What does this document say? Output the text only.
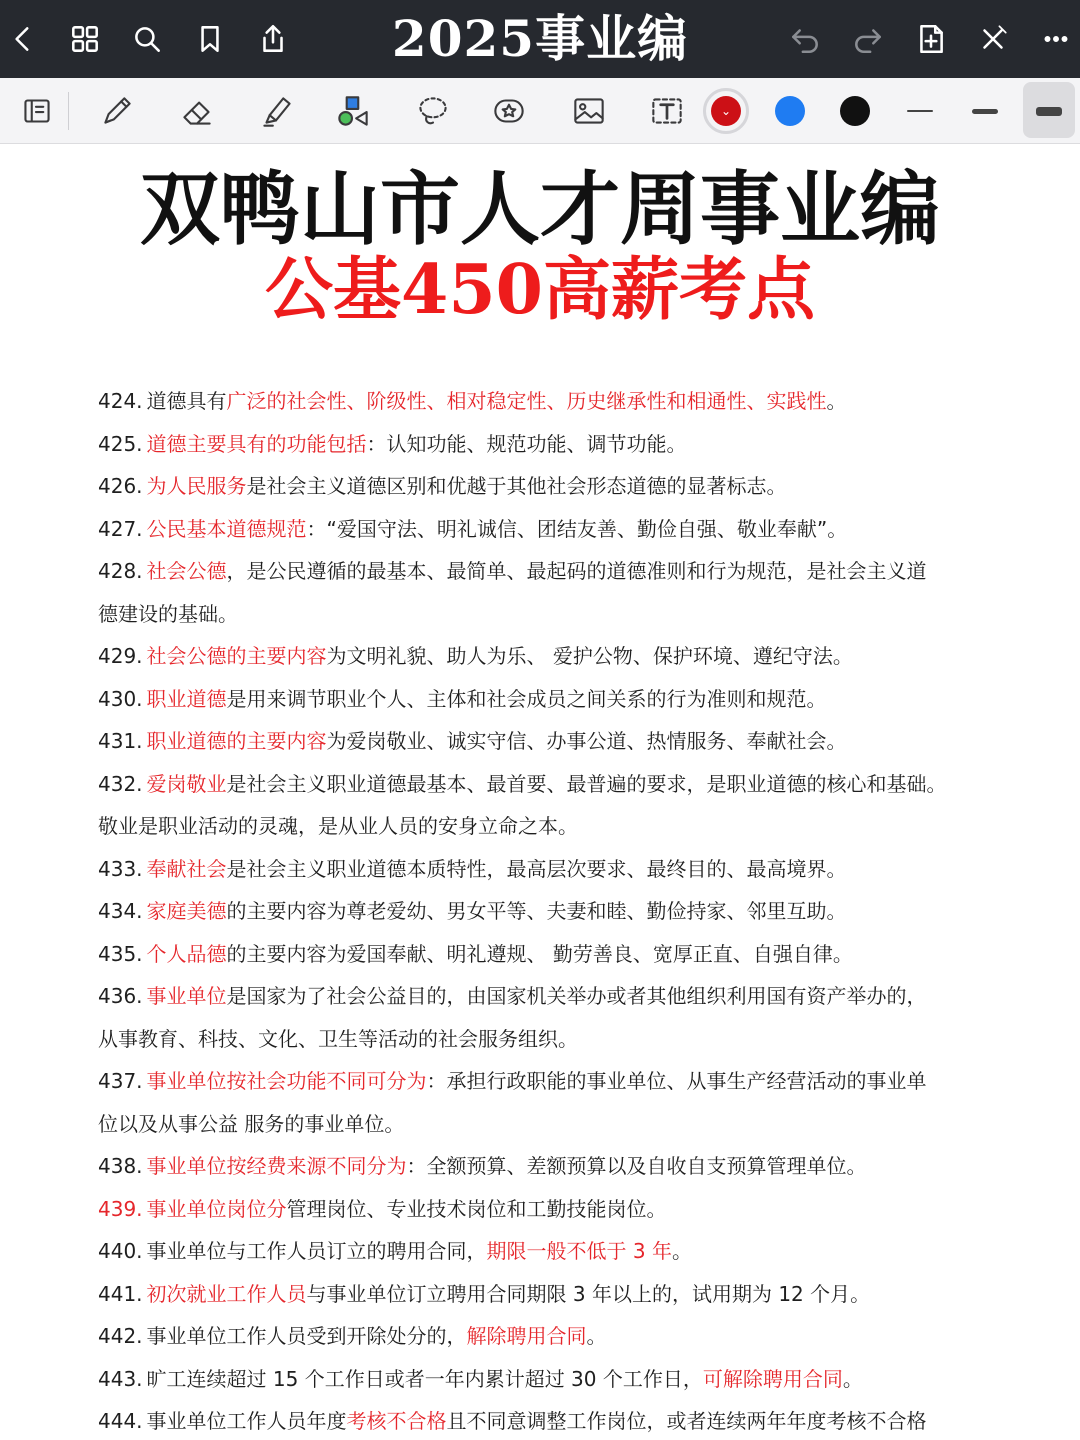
2025事业编
⌄
双鸭山市人才周事业编
公基450高薪考点
424. 道德具有广泛的社会性、阶级性、相对稳定性、历史继承性和相通性、实践性。
425. 道德主要具有的功能包括：认知功能、规范功能、调节功能。
426. 为人民服务是社会主义道德区别和优越于其他社会形态道德的显著标志。
427. 公民基本道德规范：“爱国守法、明礼诚信、团结友善、勤俭自强、敬业奉献”。
428. 社会公德，是公民遵循的最基本、最简单、最起码的道德准则和行为规范，是社会主义道
德建设的基础。
429. 社会公德的主要内容为文明礼貌、助人为乐、 爱护公物、保护环境、遵纪守法。
430. 职业道德是用来调节职业个人、主体和社会成员之间关系的行为准则和规范。
431. 职业道德的主要内容为爱岗敬业、诚实守信、办事公道、热情服务、奉献社会。
432. 爱岗敬业是社会主义职业道德最基本、最首要、最普遍的要求，是职业道德的核心和基础。
敬业是职业活动的灵魂，是从业人员的安身立命之本。
433. 奉献社会是社会主义职业道德本质特性，最高层次要求、最终目的、最高境界。
434. 家庭美德的主要内容为尊老爱幼、男女平等、夫妻和睦、勤俭持家、邻里互助。
435. 个人品德的主要内容为爱国奉献、明礼遵规、 勤劳善良、宽厚正直、自强自律。
436. 事业单位是国家为了社会公益目的，由国家机关举办或者其他组织利用国有资产举办的，
从事教育、科技、文化、卫生等活动的社会服务组织。
437. 事业单位按社会功能不同可分为：承担行政职能的事业单位、从事生产经营活动的事业单
位以及从事公益 服务的事业单位。
438. 事业单位按经费来源不同分为：全额预算、差额预算以及自收自支预算管理单位。
439. 事业单位岗位分管理岗位、专业技术岗位和工勤技能岗位。
440. 事业单位与工作人员订立的聘用合同，期限一般不低于 3 年。
441. 初次就业工作人员与事业单位订立聘用合同期限 3 年以上的，试用期为 12 个月。
442. 事业单位工作人员受到开除处分的，解除聘用合同。
443. 旷工连续超过 15 个工作日或者一年内累计超过 30 个工作日，可解除聘用合同。
444. 事业单位工作人员年度考核不合格且不同意调整工作岗位，或者连续两年年度考核不合格
